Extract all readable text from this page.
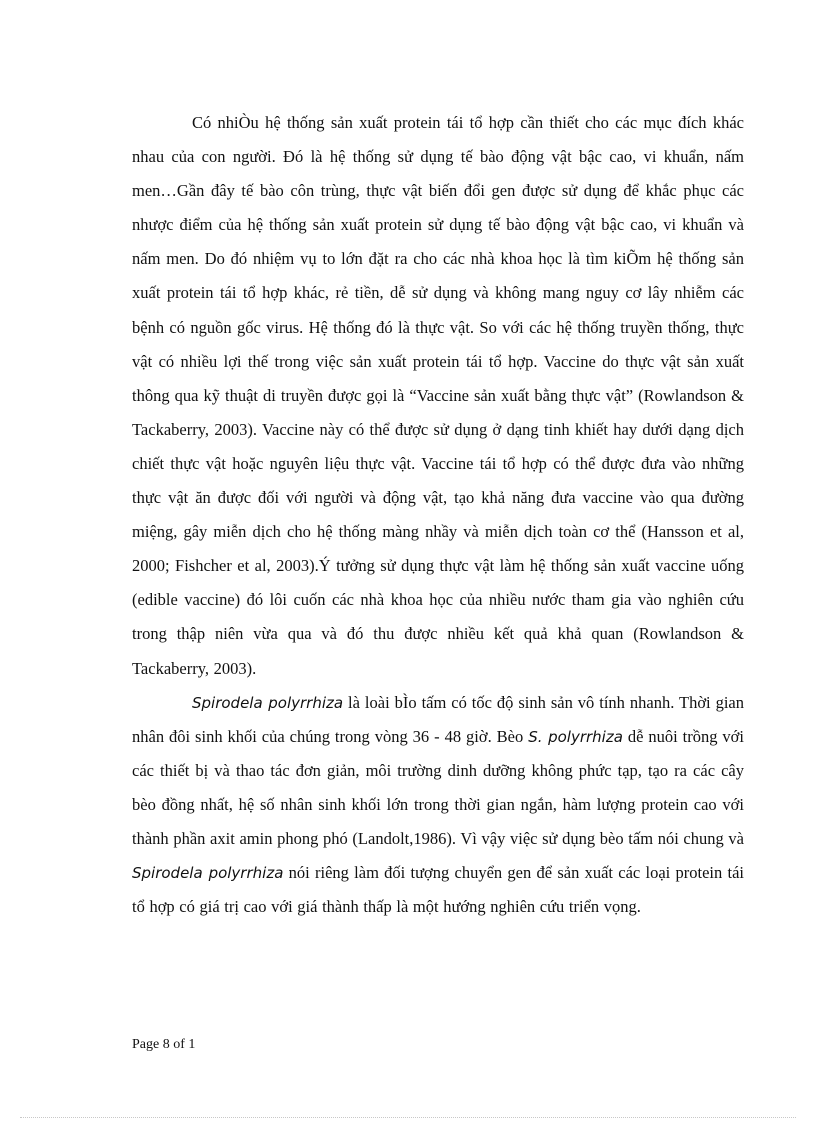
Có nhiÒu hệ thống sản xuất protein tái tổ hợp cần thiết cho các mục đích khác nhau của con người. Đó là hệ thống sử dụng tế bào động vật bậc cao, vi khuẩn, nấm men…Gần đây tế bào côn trùng, thực vật biến đổi gen được sử dụng để khắc phục các nhược điểm của hệ thống sản xuất protein sử dụng tế bào động vật bậc cao, vi khuẩn và nấm men. Do đó nhiệm vụ to lớn đặt ra cho các nhà khoa học là tìm kiÕm hệ thống sản xuất protein tái tổ hợp khác, rẻ tiền, dễ sử dụng và không mang nguy cơ lây nhiễm các bệnh có nguồn gốc virus. Hệ thống đó là thực vật. So với các hệ thống truyền thống, thực vật có nhiều lợi thế trong việc sản xuất protein tái tổ hợp. Vaccine do thực vật sản xuất thông qua kỹ thuật di truyền được gọi là “Vaccine sản xuất bằng thực vật” (Rowlandson & Tackaberry, 2003). Vaccine này có thể được sử dụng ở dạng tinh khiết hay dưới dạng dịch chiết thực vật hoặc nguyên liệu thực vật. Vaccine tái tổ hợp có thể được đưa vào những thực vật ăn được đối với người và động vật, tạo khả năng đưa vaccine vào qua đường miệng, gây miễn dịch cho hệ thống màng nhầy và miễn dịch toàn cơ thể (Hansson et al, 2000; Fishcher et al, 2003).Ý tưởng sử dụng thực vật làm hệ thống sản xuất vaccine uống (edible vaccine) đó lôi cuốn các nhà khoa học của nhiều nước tham gia vào nghiên cứu trong thập niên vừa qua và đó thu được nhiều kết quả khả quan (Rowlandson & Tackaberry, 2003).

Spirodela polyrrhiza là loài bÌo tấm có tốc độ sinh sản vô tính nhanh. Thời gian nhân đôi sinh khối của chúng trong vòng 36 - 48 giờ. Bèo S. polyrrhiza dễ nuôi trồng với các thiết bị và thao tác đơn giản, môi trường dinh dưỡng không phức tạp, tạo ra các cây bèo đồng nhất, hệ số nhân sinh khối lớn trong thời gian ngắn, hàm lượng protein cao với thành phần axit amin phong phó (Landolt,1986). Vì vậy việc sử dụng bèo tấm nói chung và Spirodela polyrrhiza nói riêng làm đối tượng chuyển gen để sản xuất các loại protein tái tổ hợp có giá trị cao với giá thành thấp là một hướng nghiên cứu triển vọng.

Page 8 of 1
